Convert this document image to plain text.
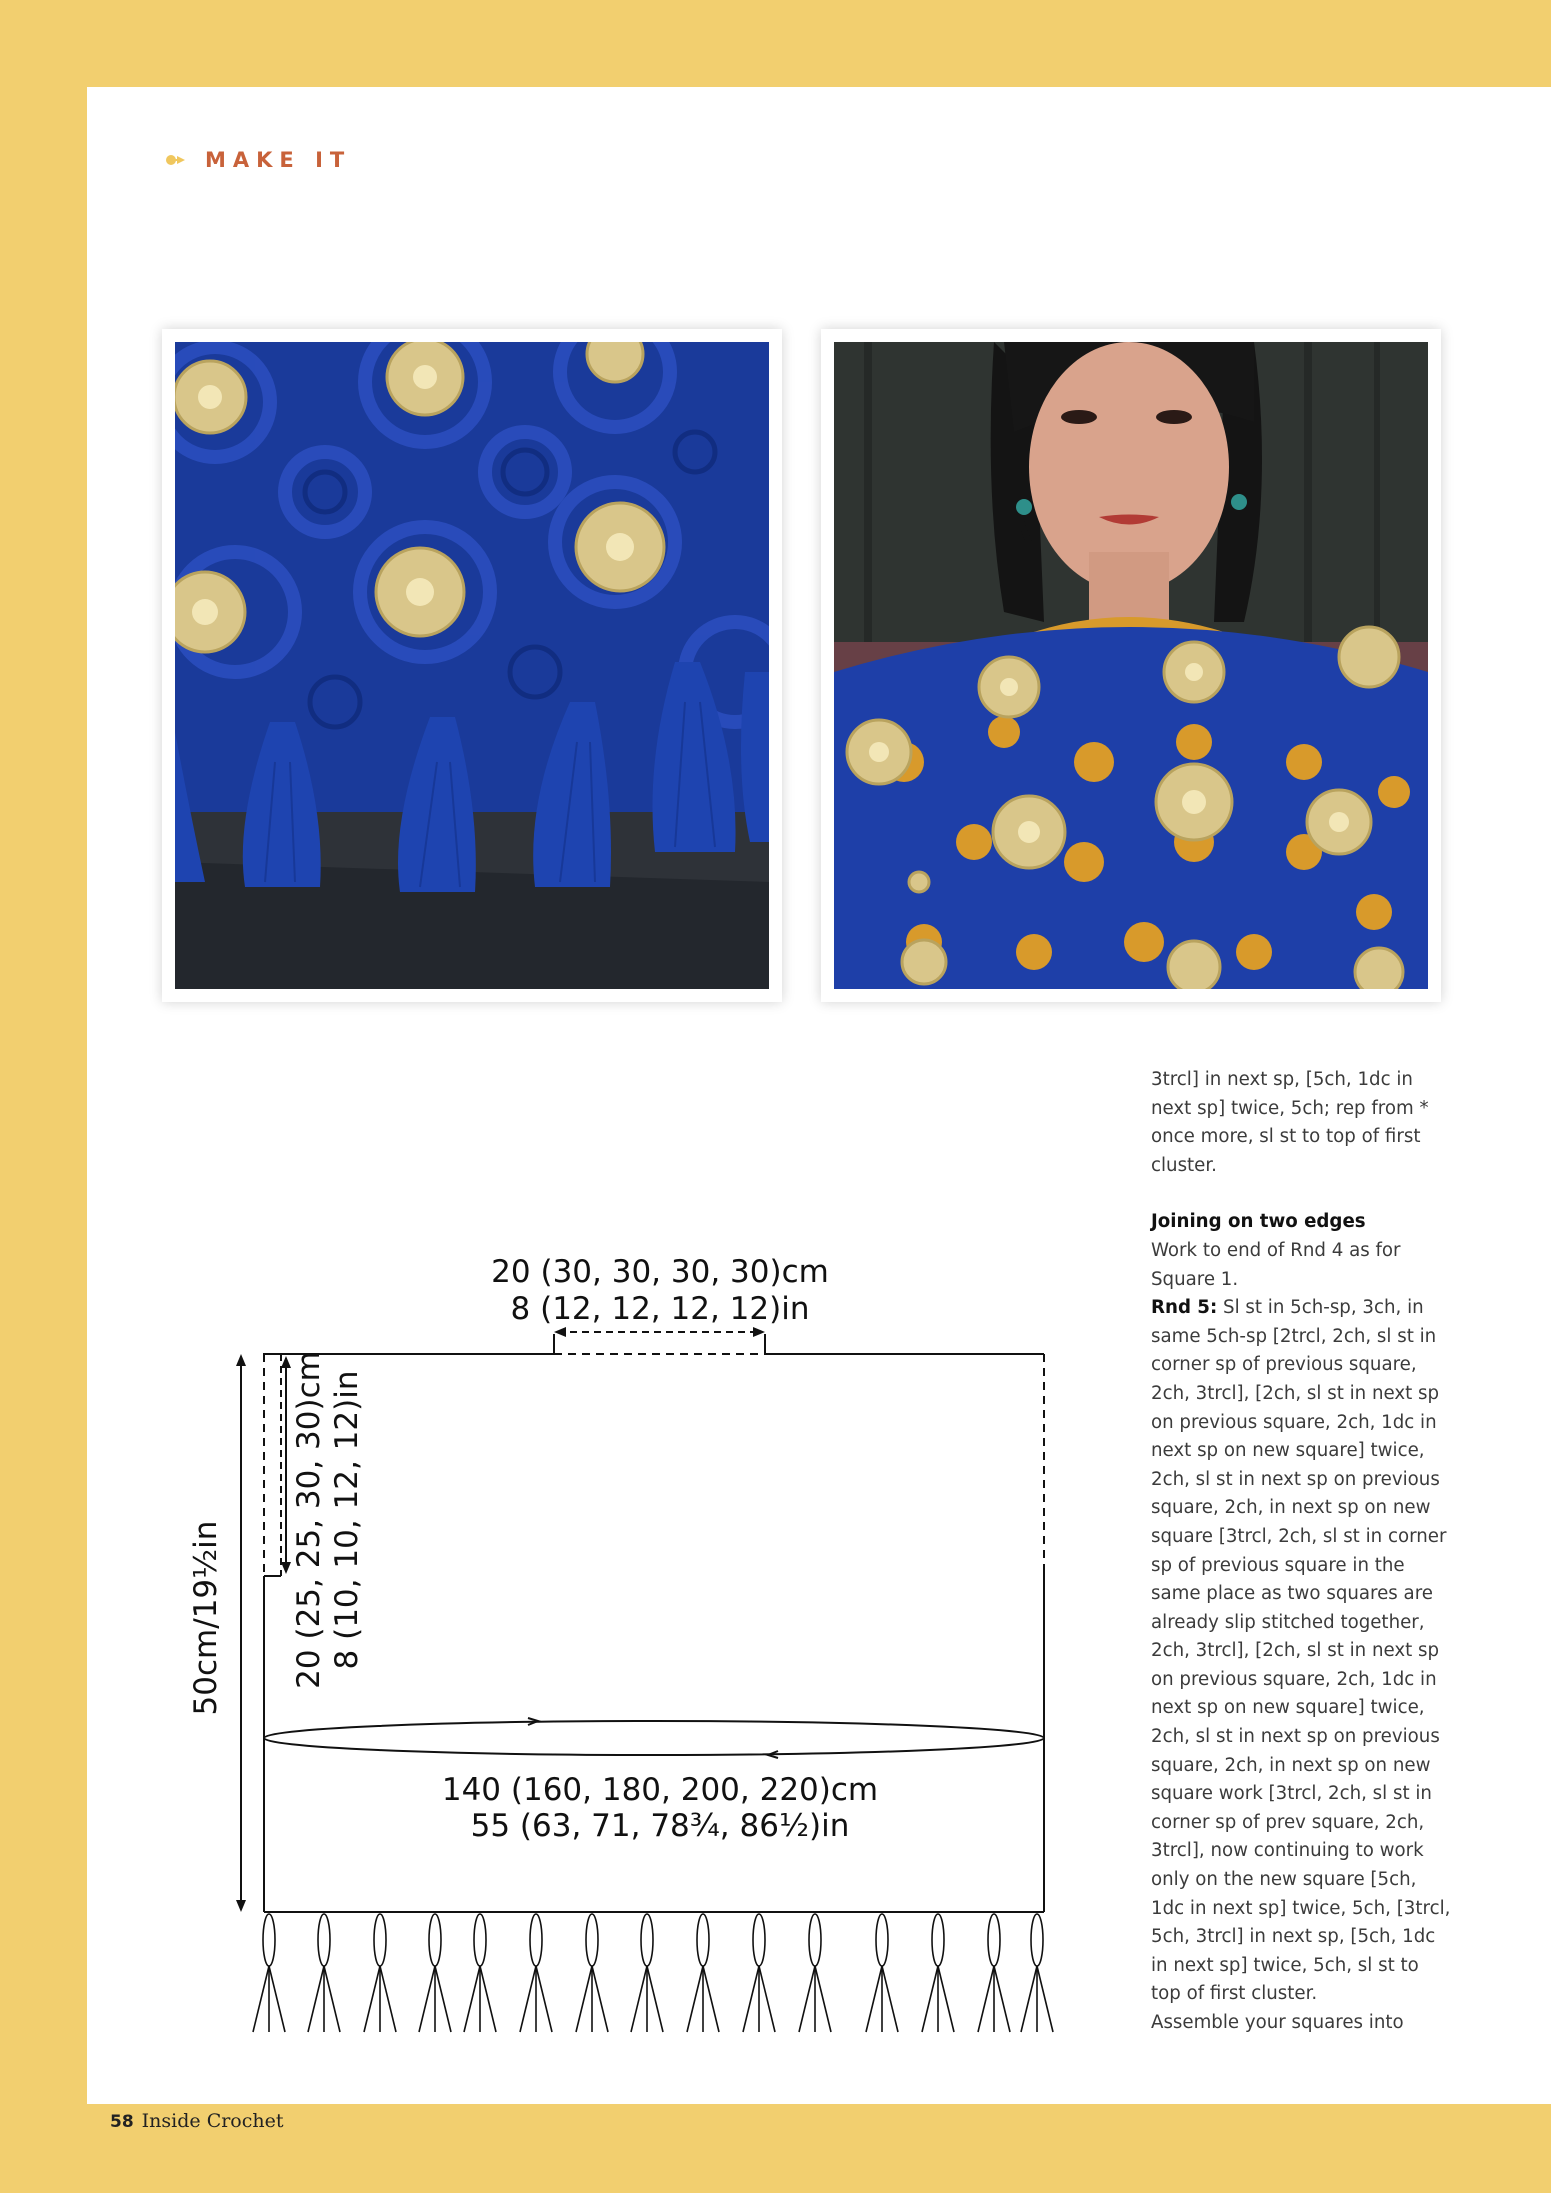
MAKE IT
20 (30, 30, 30, 30)cm
8 (12, 12, 12, 12)in
140 (160, 180, 200, 220)cm
55 (63, 71, 78¾, 86½)in
50cm/19½in 20 (25, 25, 30, 30)cm 8 (10, 10, 12, 12)in

3trcl] in next sp, [5ch, 1dc in next sp] twice, 5ch; rep from * once more, sl st to top of first cluster.

Joining on two edges

Work to end of Rnd 4 as for Square 1.

Rnd 5: Sl st in 5ch-sp, 3ch, in same 5ch-sp [2trcl, 2ch, sl st in corner sp of previous square, 2ch, 3trcl], [2ch, sl st in next sp on previous square, 2ch, 1dc in next sp on new square] twice, 2ch, sl st in next sp on previous square, 2ch, in next sp on new square [3trcl, 2ch, sl st in corner sp of previous square in the same place as two squares are already slip stitched together, 2ch, 3trcl], [2ch, sl st in next sp on previous square, 2ch, 1dc in next sp on new square] twice, 2ch, sl st in next sp on previous square, 2ch, in next sp on new square work [3trcl, 2ch, sl st in corner sp of prev square, 2ch, 3trcl], now continuing to work only on the new square [5ch, 1dc in next sp] twice, 5ch, [3trcl, 5ch, 3trcl] in next sp, [5ch, 1dc in next sp] twice, 5ch, sl st to top of first cluster.

Assemble your squares into

58 Inside Crochet
